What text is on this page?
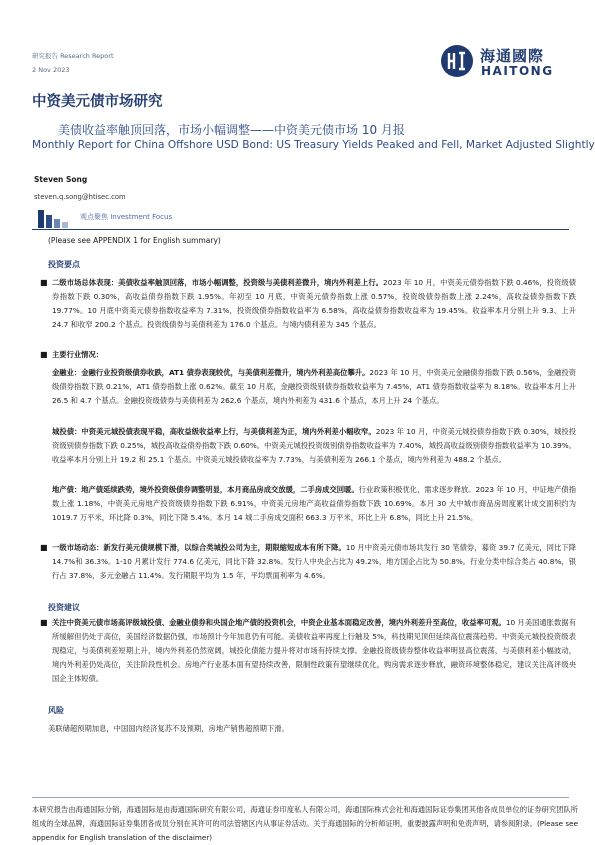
研究报告 Research Report
2 Nov 2023
中资美元债市场研究
海通國際
HAITONG
美债收益率触顶回落，市场小幅调整——中资美元债市场 10 月报
Monthly Report for China Offshore USD Bond: US Treasury Yields Peaked and Fell, Market Adjusted Slightly
Steven Song
steven.q.song@htisec.com
观点聚焦 Investment Focus
(Please see APPENDIX 1 for English summary)
投资要点
■ 二级市场总体表现：美债收益率触顶回落，市场小幅调整，投资级与美债利差微升，境内外利差上行。2023 年 10 月，中资美元债券指数下跌 0.46%，投资级债券指数下跌 0.30%，高收益债券指数下跌 1.95%。年初至 10 月底，中资美元债券指数上涨 0.57%，投资级债券指数上涨 2.24%，高收益债券指数下跌 19.77%。10 月底中资美元债券指数收益率为 7.31%，投资级债券指数收益率为 6.58%，高收益债券指数收益率为 19.45%。收益率本月分别上升 9.3、上升 24.7 和收窄 200.2 个基点。投资级债券与美债利差为 176.0 个基点。与境内债利差为 345 个基点。
■ 主要行业情况：
金融业：金融行业投资级债券收跌，AT1 债券表现较优，与美债利差微升，境内外利差高位攀升。2023 年 10 月，中资美元金融债券指数下跌 0.56%，金融投资级债券指数下跌 0.21%，AT1 债券指数上涨 0.62%。截至 10 月底，金融投资级别债券指数收益率为 7.45%，AT1 债券指数收益率为 8.18%。收益率本月上升 26.5 和 4.7 个基点。金融投资级债券与美债利差为 262.6 个基点，境内外利差为 431.6 个基点，本月上升 24 个基点。
城投债：中资美元城投债表现平稳，高收益级收益率上行，与美债利差为正，境内外利差小幅收窄。2023 年 10 月，中资美元城投债券指数下跌 0.30%，城投投资级别债券指数下跌 0.25%，城投高收益债券指数下跌 0.60%。中资美元城投投资级别债券指数收益率为 7.40%，城投高收益级别债券指数收益率为 10.39%。收益率本月分别上升 19.2 和 25.1 个基点。中资美元城投债收益率为 7.73%，与美债利差为 266.1 个基点，境内外利差为 488.2 个基点。
地产债：地产债延续跌势，境外投资级债券调整明显，本月商品房成交放缓，二手房成交回暖。行业政策积极优化，需求逐步释放。2023 年 10 月，中证地产债指数上涨 1.18%，中资美元房地产投资级债券指数下跌 6.91%，中资美元房地产高收益债券指数下跌 10.69%。本月 30 大中城市商品房周度累计成交面积约为 1019.7 万平米，环比降 0.3%，同比下降 5.4%。本月 14 城二手房成交面积 663.3 万平米，环比上升 6.8%，同比上升 21.5%。
■ 一级市场动态：新发行美元债规模下滑，以综合类城投公司为主，期限缩短成本有所下降。10 月中资美元债市场共发行 30 笔债券，募资 39.7 亿美元，同比下降 14.7%和 36.3%。1-10 月累计发行 774.6 亿美元，同比下降 32.8%。发行人中央企占比为 49.2%，地方国企占比为 50.8%。行业分类中综合类占 40.8%，银行占 37.8%，多元金融占 11.4%。发行期限平均为 1.5 年，平均票面利率为 4.6%。
投资建议
■ 关注中资美元债市场高评级城投债、金融业债券和央国企地产债的投资机会，中资企业基本面稳定改善，境内外利差升至高位，收益率可观。10 月美国通胀数据有所缓解但仍处于高位，美国经济数据仍强，市场预计今年加息仍有可能。美债收益率再度上行触及 5%，科技期见顶但延续高位震荡趋势。中资美元城投投资级表现稳定，与美债利差短期上升，境内外利差仍然宽阔，城投化债能力提升将对市场有持续支撑。金融投资级债券整体收益率明显高位震荡，与美债利差小幅波动，境内外利差仍处高位，关注阶段性机会。房地产行业基本面有望持续改善，限制性政策有望继续优化，购房需求逐步释放，融资环境整体稳定，建议关注高评级央国企主体短债。
风险
美联储超预期加息，中国国内经济复苏不及预期，房地产销售超预期下滑。
本研究报告由海通国际分销，海通国际是由海通国际研究有限公司，海通证券印度私人有限公司，海通国际株式会社和海通国际证券集团其他各成员单位的证券研究团队所组成的全球品牌，海通国际证券集团各成员分别在其许可的司法管辖区内从事证券活动。关于海通国际的分析师证明，重要披露声明和免责声明，请参阅附录。(Please see appendix for English translation of the disclaimer)
